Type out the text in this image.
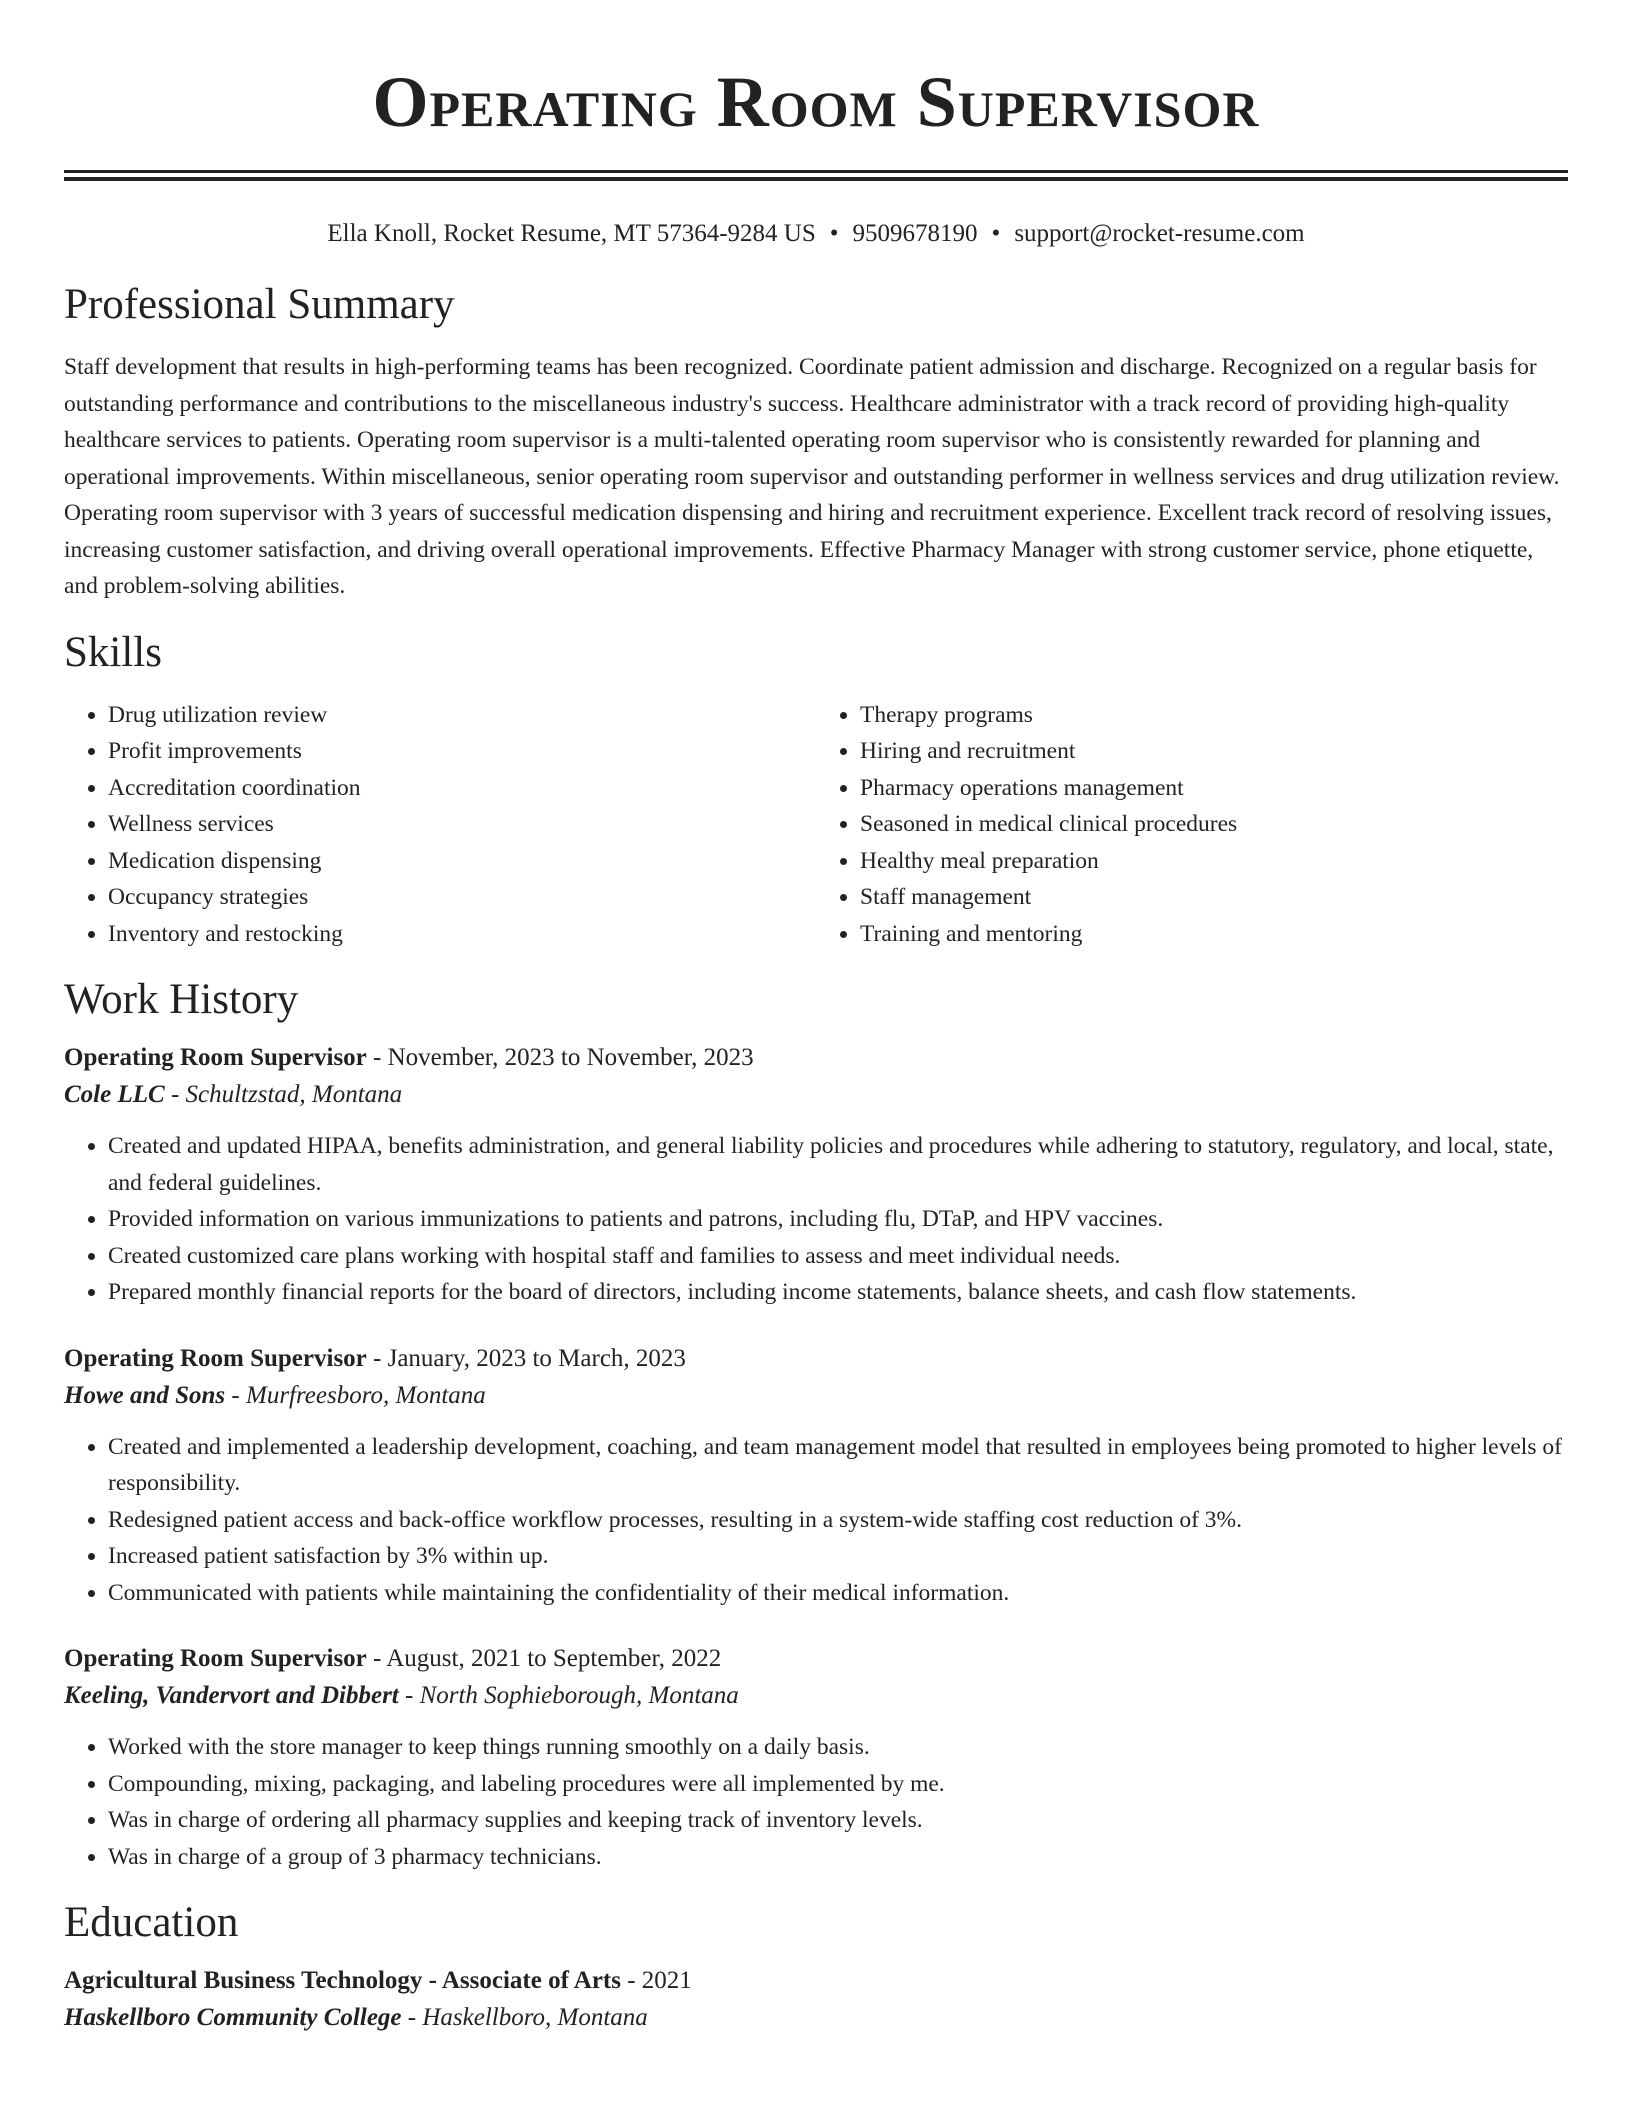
Operating Room Supervisor
Ella Knoll, Rocket Resume, MT 57364-9284 US • 9509678190 • support@rocket-resume.com
Professional Summary

Staff development that results in high-performing teams has been recognized. Coordinate patient admission and discharge. Recognized on a regular basis for outstanding performance and contributions to the miscellaneous industry's success. Healthcare administrator with a track record of providing high-quality healthcare services to patients. Operating room supervisor is a multi-talented operating room supervisor who is consistently rewarded for planning and operational improvements. Within miscellaneous, senior operating room supervisor and outstanding performer in wellness services and drug utilization review. Operating room supervisor with 3 years of successful medication dispensing and hiring and recruitment experience. Excellent track record of resolving issues, increasing customer satisfaction, and driving overall operational improvements. Effective Pharmacy Manager with strong customer service, phone etiquette, and problem-solving abilities.

Skills
• Drug utilization review
• Profit improvements
• Accreditation coordination
• Wellness services
• Medication dispensing
• Occupancy strategies
• Inventory and restocking
• Therapy programs
• Hiring and recruitment
• Pharmacy operations management
• Seasoned in medical clinical procedures
• Healthy meal preparation
• Staff management
• Training and mentoring
Work History
Operating Room Supervisor - November, 2023 to November, 2023
Cole LLC - Schultzstad, Montana
• Created and updated HIPAA, benefits administration, and general liability policies and procedures while adhering to statutory, regulatory, and local, state, and federal guidelines.
• Provided information on various immunizations to patients and patrons, including flu, DTaP, and HPV vaccines.
• Created customized care plans working with hospital staff and families to assess and meet individual needs.
• Prepared monthly financial reports for the board of directors, including income statements, balance sheets, and cash flow statements.
Operating Room Supervisor - January, 2023 to March, 2023
Howe and Sons - Murfreesboro, Montana
• Created and implemented a leadership development, coaching, and team management model that resulted in employees being promoted to higher levels of responsibility.
• Redesigned patient access and back-office workflow processes, resulting in a system-wide staffing cost reduction of 3%.
• Increased patient satisfaction by 3% within up.
• Communicated with patients while maintaining the confidentiality of their medical information.
Operating Room Supervisor - August, 2021 to September, 2022
Keeling, Vandervort and Dibbert - North Sophieborough, Montana
• Worked with the store manager to keep things running smoothly on a daily basis.
• Compounding, mixing, packaging, and labeling procedures were all implemented by me.
• Was in charge of ordering all pharmacy supplies and keeping track of inventory levels.
• Was in charge of a group of 3 pharmacy technicians.
Education
Agricultural Business Technology - Associate of Arts - 2021
Haskellboro Community College - Haskellboro, Montana
